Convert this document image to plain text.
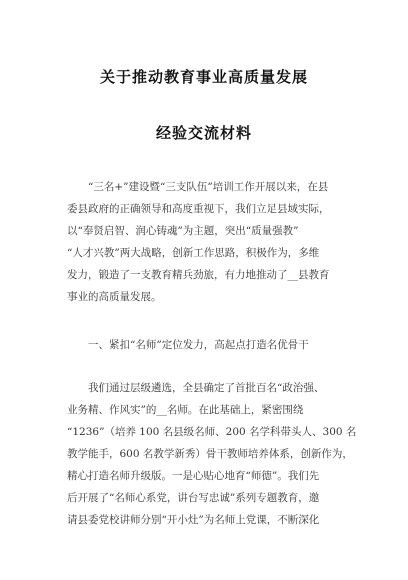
关于推动教育事业高质量发展
经验交流材料
　　“三名+”建设暨“三支队伍”培训工作开展以来，在县
委县政府的正确领导和高度重视下，我们立足县域实际，
以“奉贤启智、润心铸魂”为主题，突出“质量强教”
“人才兴教”两大战略，创新工作思路，积极作为，多维
发力，锻造了一支教育精兵劲旅，有力地推动了__县教育
事业的高质量发展。
　　一、紧扣“名师”定位发力，高起点打造名优骨干
　　我们通过层级遴选，全县确定了首批百名“政治强、
业务精、作风实”的__名师。在此基础上，紧密围绕
“1236”（培养 100 名县级名师、200 名学科带头人、300 名
教学能手，600 名教学新秀）骨干教师培养体系，创新作为，
精心打造名师升级版。一是心贴心地育“师德”。我们先
后开展了“名师心系党，讲台写忠诚”系列专题教育，邀
请县委党校讲师分别“开小灶”为名师上党课，不断深化
